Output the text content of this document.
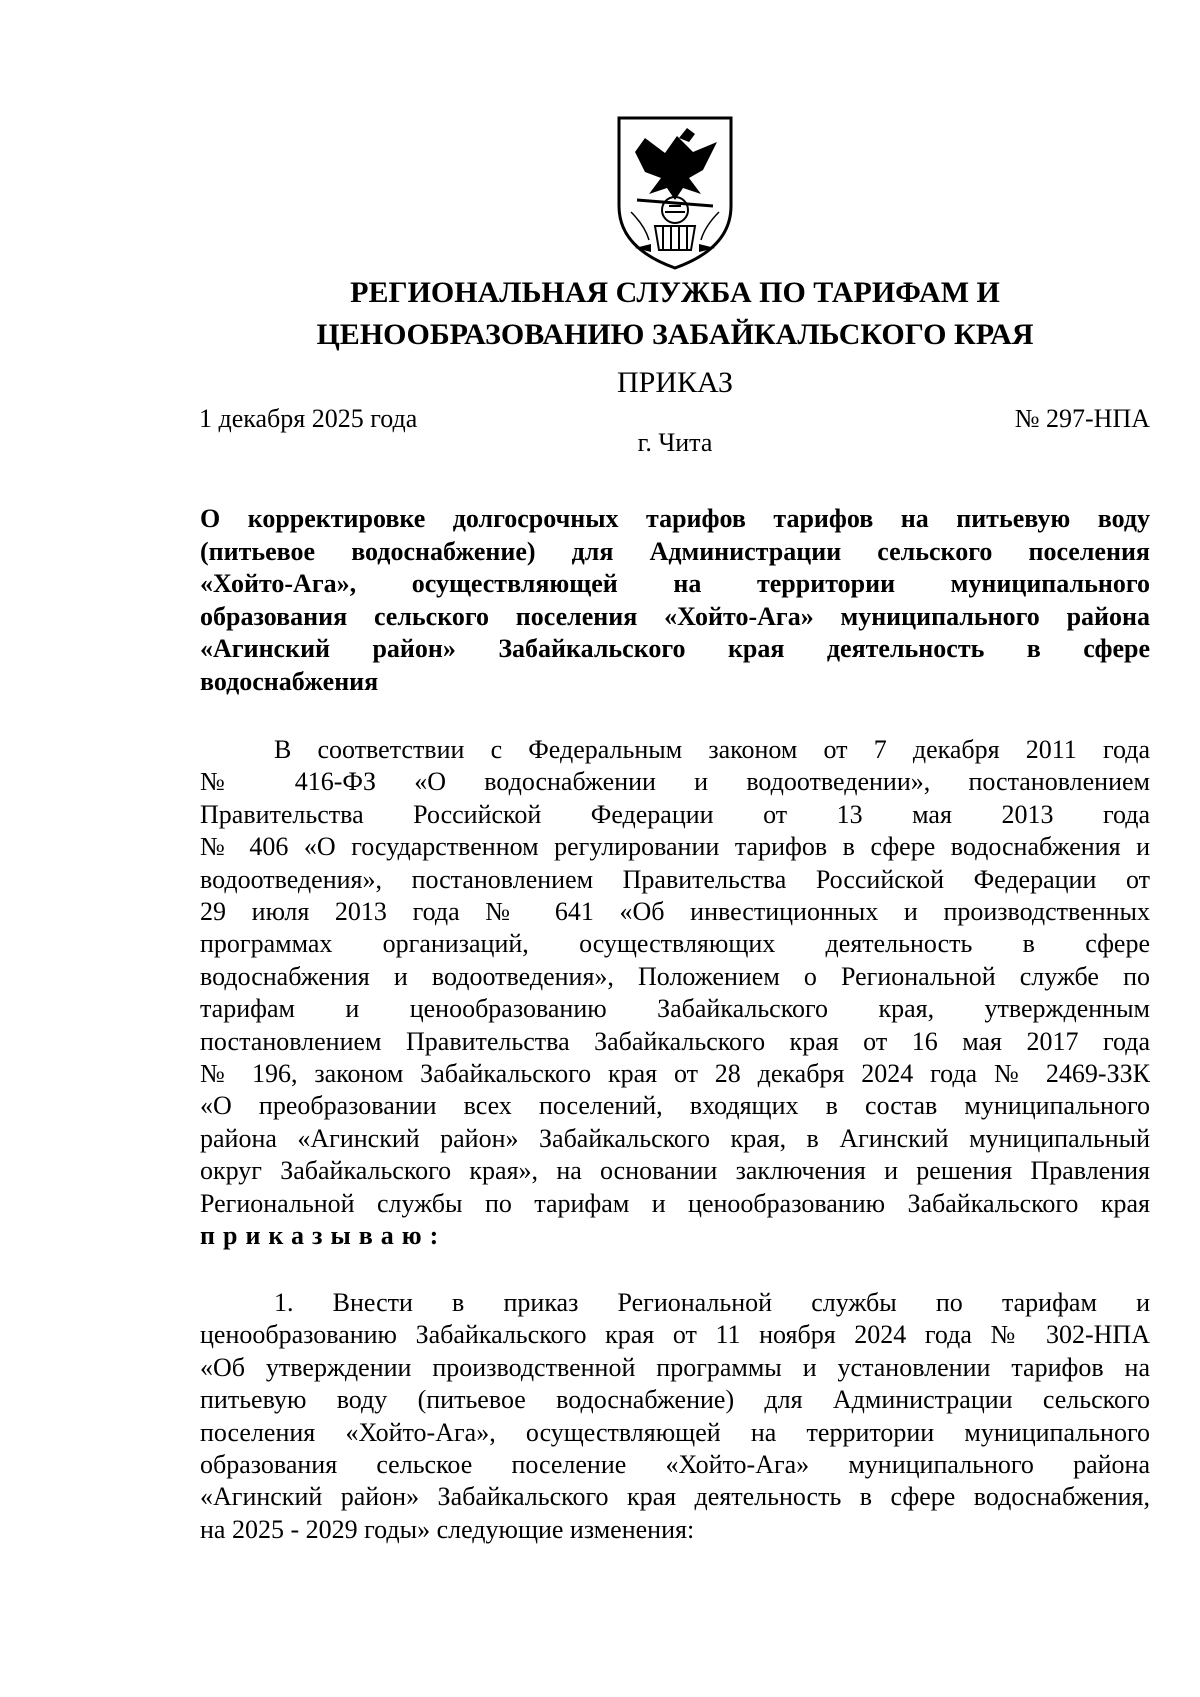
РЕГИОНАЛЬНАЯ СЛУЖБА ПО ТАРИФАМ И
ЦЕНООБРАЗОВАНИЮ ЗАБАЙКАЛЬСКОГО КРАЯ
ПРИКАЗ
1 декабря 2025 года	№ 297-НПА
г. Чита
О корректировке долгосрочных тарифов тарифов на питьевую воду
(питьевое водоснабжение) для Администрации сельского поселения
«Хойто-Ага», осуществляющей на территории муниципального
образования сельского поселения «Хойто-Ага» муниципального района
«Агинский район» Забайкальского края деятельность в сфере
водоснабжения
В соответствии с Федеральным законом от 7 декабря 2011 года
№ 416-ФЗ «О водоснабжении и водоотведении», постановлением
Правительства Российской Федерации от 13 мая 2013 года
№ 406 «О государственном регулировании тарифов в сфере водоснабжения и
водоотведения», постановлением Правительства Российской Федерации от
29 июля 2013 года № 641 «Об инвестиционных и производственных
программах организаций, осуществляющих деятельность в сфере
водоснабжения и водоотведения», Положением о Региональной службе по
тарифам и ценообразованию Забайкальского края, утвержденным
постановлением Правительства Забайкальского края от 16 мая 2017 года
№ 196, законом Забайкальского края от 28 декабря 2024 года № 2469-ЗЗК
«О преобразовании всех поселений, входящих в состав муниципального
района «Агинский район» Забайкальского края, в Агинский муниципальный
округ Забайкальского края», на основании заключения и решения Правления
Региональной службы по тарифам и ценообразованию Забайкальского края
приказываю:
1. Внести в приказ Региональной службы по тарифам и
ценообразованию Забайкальского края от 11 ноября 2024 года № 302-НПА
«Об утверждении производственной программы и установлении тарифов на
питьевую воду (питьевое водоснабжение) для Администрации сельского
поселения «Хойто-Ага», осуществляющей на территории муниципального
образования сельское поселение «Хойто-Ага» муниципального района
«Агинский район» Забайкальского края деятельность в сфере водоснабжения,
на 2025 - 2029 годы» следующие изменения:
